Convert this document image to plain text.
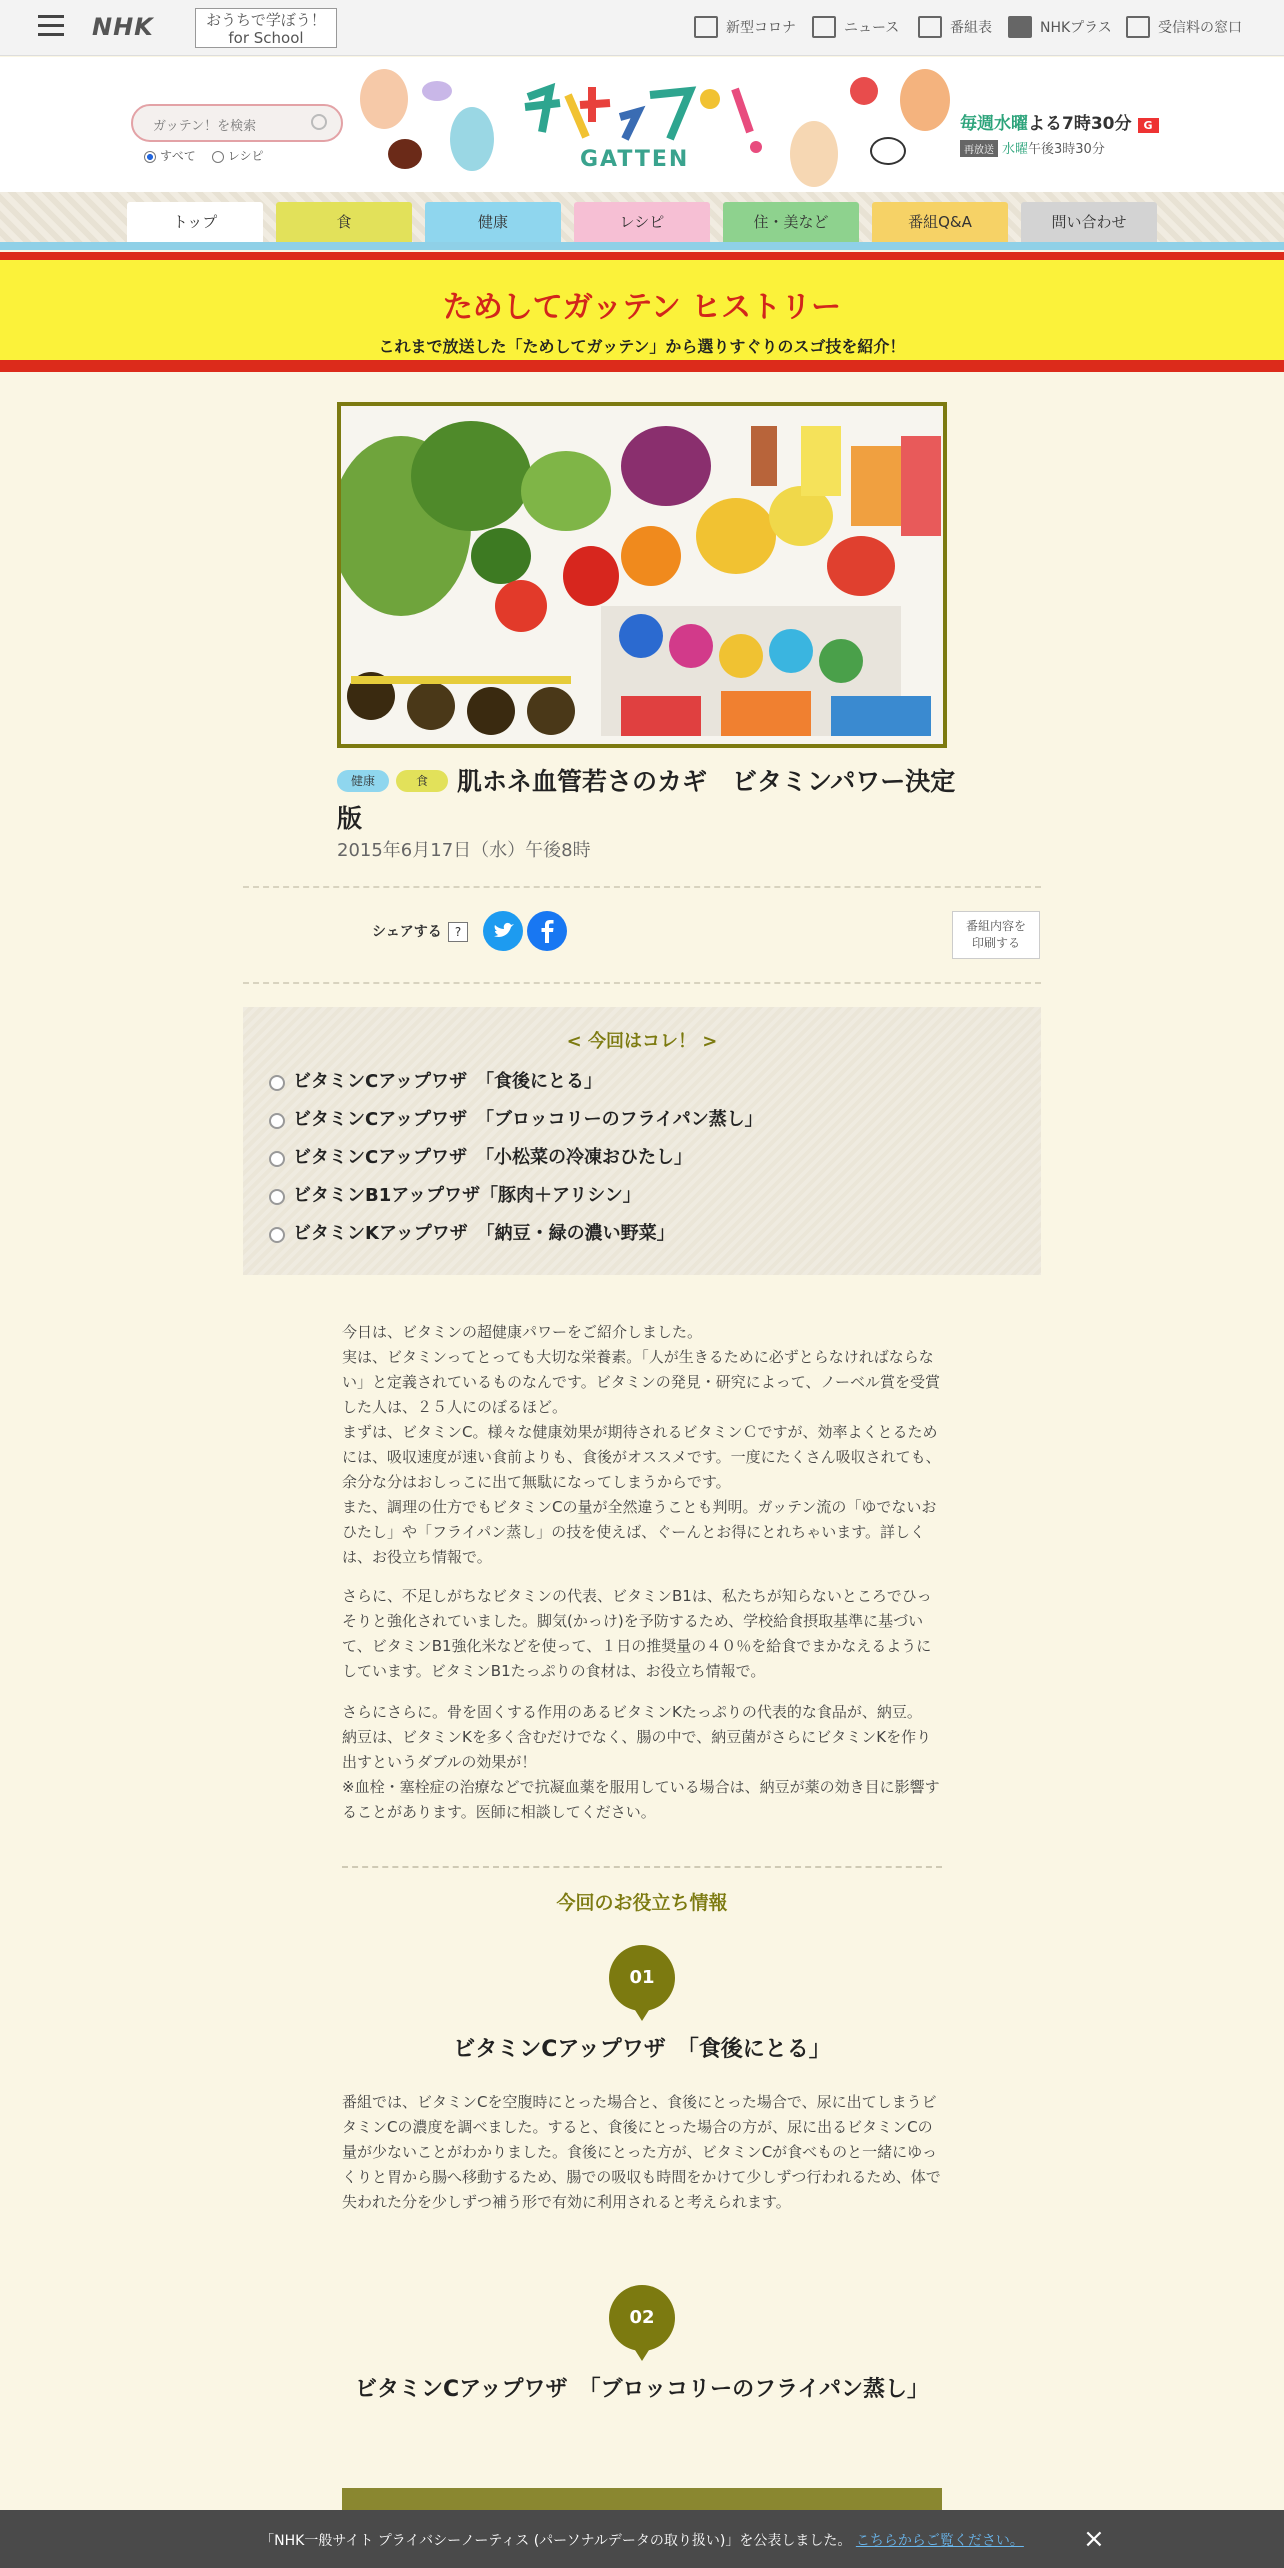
NHK	おうちで学ぼう！
for School
新型コロナ	ニュース	番組表	NHKプラス	受信料の窓口
ガッテン！を検索
すべて	レシピ	GATTEN
毎週水曜よる7時30分 G
再放送 水曜午後3時30分
トップ	食	健康	レシピ	住・美など	番組Q&A	問い合わせ
ためしてガッテン ヒストリー

これまで放送した「ためしてガッテン」から選りすぐりのスゴ技を紹介！

健康	食	肌ホネ血管若さのカギ　ビタミンパワー決定版
2015年6月17日（水）午後8時
シェアする	?	番組内容を
印刷する
< 今回はコレ！ >
ビタミンCアップワザ　「食後にとる」
ビタミンCアップワザ　「ブロッコリーのフライパン蒸し」
ビタミンCアップワザ　「小松菜の冷凍おひたし」
ビタミンB1アップワザ「豚肉＋アリシン」
ビタミンKアップワザ　「納豆・緑の濃い野菜」
今日は、ビタミンの超健康パワーをご紹介しました。
実は、ビタミンってとっても大切な栄養素。「人が生きるために必ずとらなければならない」と定義されているものなんです。ビタミンの発見・研究によって、ノーベル賞を受賞した人は、２５人にのぼるほど。
まずは、ビタミンC。様々な健康効果が期待されるビタミンＣですが、効率よくとるためには、吸収速度が速い食前よりも、食後がオススメです。一度にたくさん吸収されても、余分な分はおしっこに出て無駄になってしまうからです。
また、調理の仕方でもビタミンCの量が全然違うことも判明。ガッテン流の「ゆでないおひたし」や「フライパン蒸し」の技を使えば、ぐーんとお得にとれちゃいます。詳しくは、お役立ち情報で。
さらに、不足しがちなビタミンの代表、ビタミンB1は、私たちが知らないところでひっそりと強化されていました。脚気(かっけ)を予防するため、学校給食摂取基準に基づいて、ビタミンB1強化米などを使って、１日の推奨量の４０％を給食でまかなえるようにしています。ビタミンB1たっぷりの食材は、お役立ち情報で。
さらにさらに。骨を固くする作用のあるビタミンKたっぷりの代表的な食品が、納豆。
納豆は、ビタミンKを多く含むだけでなく、腸の中で、納豆菌がさらにビタミンKを作り出すというダブルの効果が！
※血栓・塞栓症の治療などで抗凝血薬を服用している場合は、納豆が薬の効き目に影響することがあります。医師に相談してください。
今回のお役立ち情報
01
ビタミンCアップワザ　「食後にとる」
番組では、ビタミンCを空腹時にとった場合と、食後にとった場合で、尿に出てしまうビタミンCの濃度を調べました。すると、食後にとった場合の方が、尿に出るビタミンCの量が少ないことがわかりました。食後にとった方が、ビタミンCが食べものと一緒にゆっくりと胃から腸へ移動するため、腸での吸収も時間をかけて少しずつ行われるため、体で失われた分を少しずつ補う形で有効に利用されると考えられます。
02
ビタミンCアップワザ　「ブロッコリーのフライパン蒸し」
「NHK一般サイト プライバシーノーティス (パーソナルデータの取り扱い)」を公表しました。 こちらからご覧ください。	×
